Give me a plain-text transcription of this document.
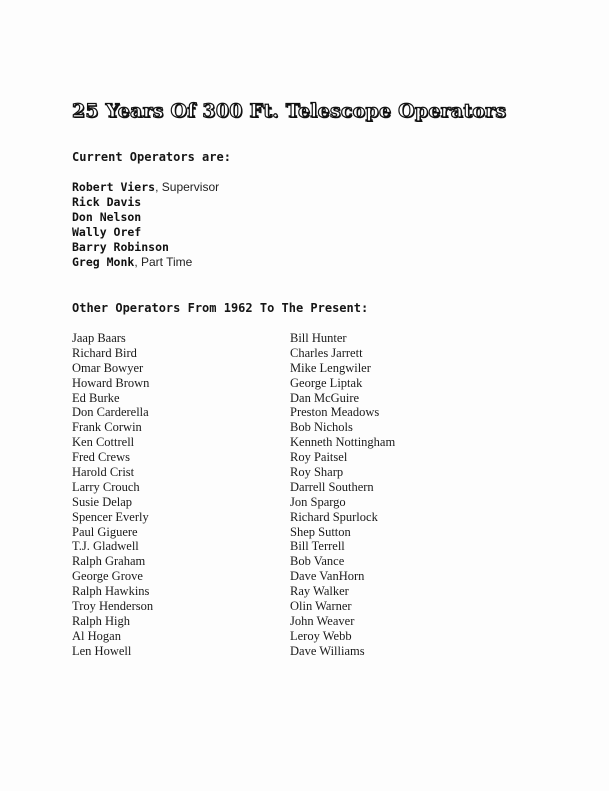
25 Years Of 300 Ft. Telescope Operators
Current Operators are:
Robert Viers, Supervisor
Rick Davis
Don Nelson
Wally Oref
Barry Robinson
Greg Monk, Part Time
Other Operators From 1962 To The Present:
Jaap Baars
Richard Bird
Omar Bowyer
Howard Brown
Ed Burke
Don Carderella
Frank Corwin
Ken Cottrell
Fred Crews
Harold Crist
Larry Crouch
Susie Delap
Spencer Everly
Paul Giguere
T.J. Gladwell
Ralph Graham
George Grove
Ralph Hawkins
Troy Henderson
Ralph High
Al Hogan
Len Howell
Bill Hunter
Charles Jarrett
Mike Lengwiler
George Liptak
Dan McGuire
Preston Meadows
Bob Nichols
Kenneth Nottingham
Roy Paitsel
Roy Sharp
Darrell Southern
Jon Spargo
Richard Spurlock
Shep Sutton
Bill Terrell
Bob Vance
Dave VanHorn
Ray Walker
Olin Warner
John Weaver
Leroy Webb
Dave Williams
